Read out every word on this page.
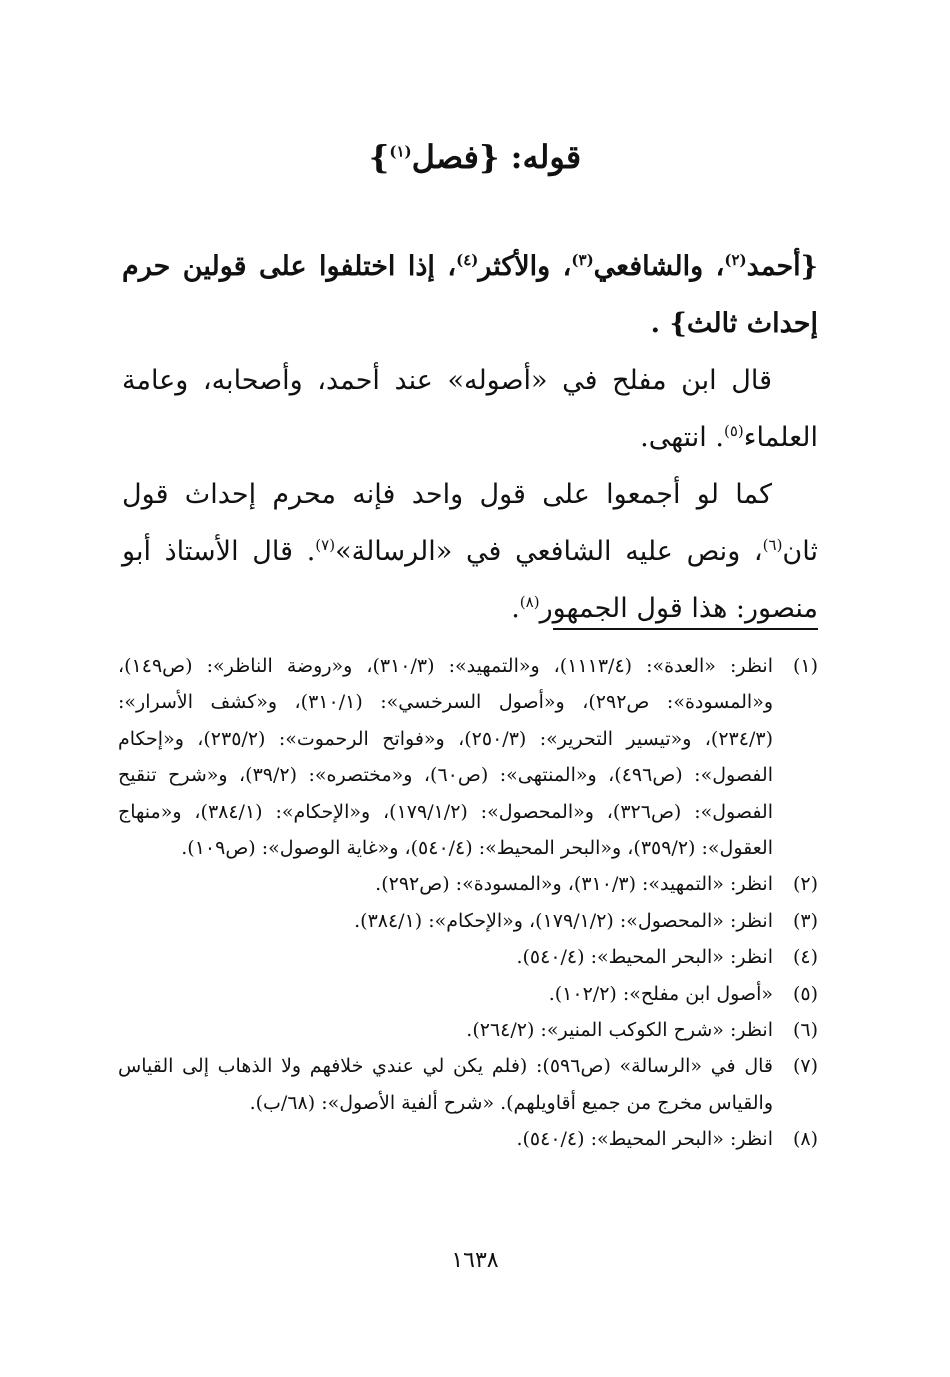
قوله: {فصل$^{(١)}$}

{أحمد$^{(٢)}$، والشافعي$^{(٣)}$، والأكثر$^{(٤)}$، إذا اختلفوا على قولين حرم إحداث ثالث} .

قال ابن مفلح في «أصوله» عند أحمد، وأصحابه، وعامة العلماء$^{(٥)}$. انتهى.

كما لو أجمعوا على قول واحد فإنه محرم إحداث قول ثان$^{(٦)}$، ونص عليه الشافعي في «الرسالة»$^{(٧)}$. قال الأستاذ أبو منصور: هذا قول الجمهور$^{(٨)}$.

(١)
انظر: «العدة»: (١١١٣/٤)، و«التمهيد»: (٣١٠/٣)، و«روضة الناظر»: (ص١٤٩)، و«المسودة»: ص٢٩٢)، و«أصول السرخسي»: (٣١٠/١)، و«كشف الأسرار»: (٢٣٤/٣)، و«تيسير التحرير»: (٢٥٠/٣)، و«فواتح الرحموت»: (٢٣٥/٢)، و«إحكام الفصول»: (ص٤٩٦)، و«المنتهى»: (ص٦٠)، و«مختصره»: (٣٩/٢)، و«شرح تنقيح الفصول»: (ص٣٢٦)، و«المحصول»: (١٧٩/١/٢)، و«الإحكام»: (٣٨٤/١)، و«منهاج العقول»: (٣٥٩/٢)، و«البحر المحيط»: (٥٤٠/٤)، و«غاية الوصول»: (ص١٠٩).
(٢)
انظر: «التمهيد»: (٣١٠/٣)، و«المسودة»: (ص٢٩٢).
(٣)
انظر: «المحصول»: (١٧٩/١/٢)، و«الإحكام»: (٣٨٤/١).
(٤)
انظر: «البحر المحيط»: (٥٤٠/٤).
(٥)
«أصول ابن مفلح»: (١٠٢/٢).
(٦)
انظر: «شرح الكوكب المنير»: (٢٦٤/٢).
(٧)
قال في «الرسالة» (ص٥٩٦): (فلم يكن لي عندي خلافهم ولا الذهاب إلى القياس والقياس مخرج من جميع أقاويلهم). «شرح ألفية الأصول»: (٦٨/ب).
(٨)
انظر: «البحر المحيط»: (٥٤٠/٤).
١٦٣٨
